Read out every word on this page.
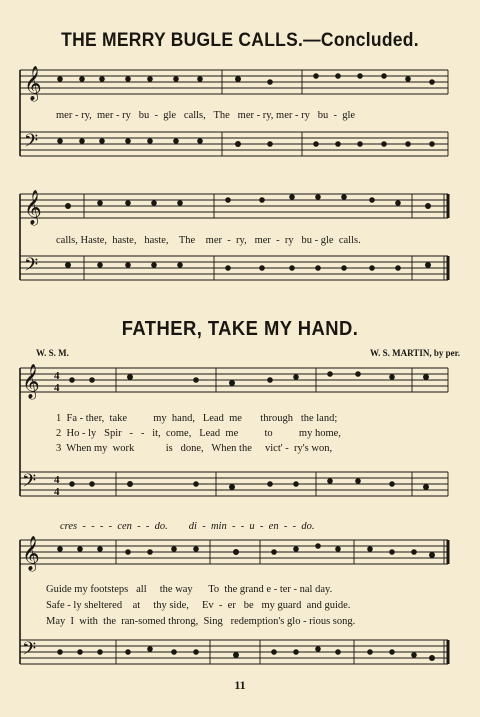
THE MERRY BUGLE CALLS.—Concluded.
𝄞
𝄢
mer - ry,  mer - ry   bu  -  gle   calls,   The   mer - ry, mer - ry   bu  -  gle
𝄞
𝄢
calls, Haste,  haste,   haste,    The    mer  -  ry,   mer  -  ry   bu - gle  calls.
FATHER, TAKE MY HAND.
W. S. M.	W. S. MARTIN, by per.
𝄞
𝄢
4
4
4
4
1  Fa - ther,  take          my  hand,   Lead  me       through   the land;
2  Ho - ly   Spir   -   -   it,  come,   Lead  me          to          my home,
3  When my  work            is   done,   When the     vict' -  ry's won,
cres  -  -  -  -  cen  -  -  do.        di  -  min  -  -  u  -  en  -  -  do.
𝄞
𝄢
Guide my footsteps   all     the way      To  the grand e - ter - nal day.
Safe - ly sheltered    at     thy side,     Ev  -  er   be   my guard  and guide.
May  I  with  the  ran-somed throng,  Sing   redemption's glo - rious song.
11
